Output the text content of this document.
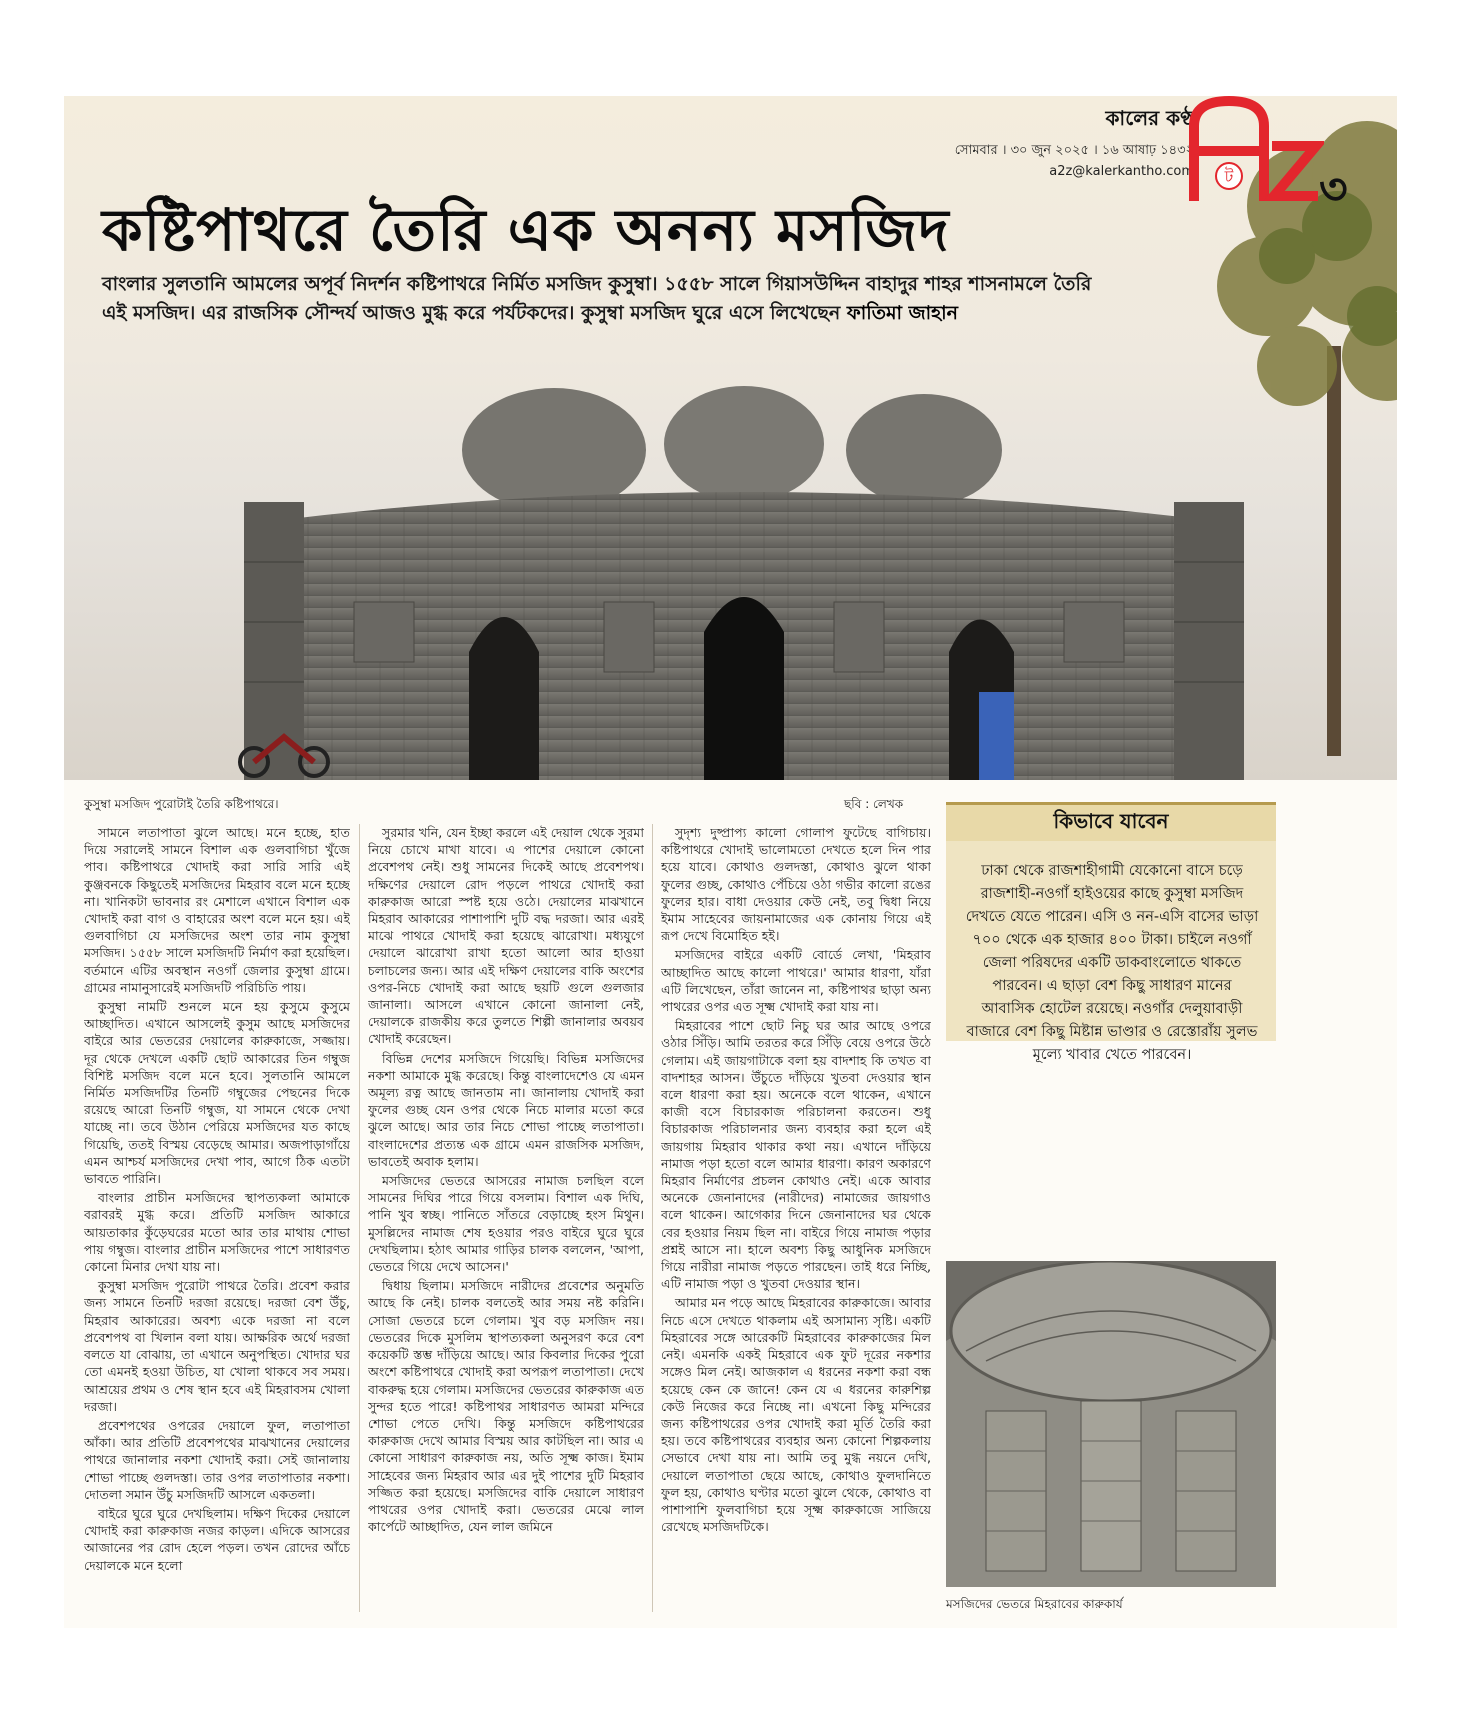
কালের কণ্ঠ
সোমবার । ৩০ জুন ২০২৫ । ১৬ আষাঢ় ১৪৩২
a2z@kalerkantho.com ট ৩
কষ্টিপাথরে তৈরি এক অনন্য মসজিদ
বাংলার সুলতানি আমলের অপূর্ব নিদর্শন কষ্টিপাথরে নির্মিত মসজিদ কুসুম্বা। ১৫৫৮ সালে গিয়াসউদ্দিন বাহাদুর শাহর শাসনামলে তৈরি এই মসজিদ। এর রাজসিক সৌন্দর্য আজও মুগ্ধ করে পর্যটকদের। কুসুম্বা মসজিদ ঘুরে এসে লিখেছেন ফাতিমা জাহান
কুসুম্বা মসজিদ পুরোটাই তৈরি কষ্টিপাথরে।	ছবি : লেখক

সামনে লতাপাতা ঝুলে আছে। মনে হচ্ছে, হাত দিয়ে সরালেই সামনে বিশাল এক গুলবাগিচা খুঁজে পাব। কষ্টিপাথরে খোদাই করা সারি সারি এই কুঞ্জবনকে কিছুতেই মসজিদের মিহরাব বলে মনে হচ্ছে না। খানিকটা ভাবনার রং মেশালে এখানে বিশাল এক খোদাই করা বাগ ও বাহারের অংশ বলে মনে হয়। এই গুলবাগিচা যে মসজিদের অংশ তার নাম কুসুম্বা মসজিদ। ১৫৫৮ সালে মসজিদটি নির্মাণ করা হয়েছিল। বর্তমানে এটির অবস্থান নওগাঁ জেলার কুসুম্বা গ্রামে। গ্রামের নামানুসারেই মসজিদটি পরিচিতি পায়।

কুসুম্বা নামটি শুনলে মনে হয় কুসুমে কুসুমে আচ্ছাদিত। এখানে আসলেই কুসুম আছে মসজিদের বাইরে আর ভেতরের দেয়ালের কারুকাজে, সজ্জায়। দূর থেকে দেখলে একটি ছোট আকারের তিন গম্বুজ বিশিষ্ট মসজিদ বলে মনে হবে। সুলতানি আমলে নির্মিত মসজিদটির তিনটি গম্বুজের পেছনের দিকে রয়েছে আরো তিনটি গম্বুজ, যা সামনে থেকে দেখা যাচ্ছে না। তবে উঠান পেরিয়ে মসজিদের যত কাছে গিয়েছি, ততই বিস্ময় বেড়েছে আমার। অজপাড়াগাঁয়ে এমন আশ্চর্য মসজিদের দেখা পাব, আগে ঠিক এতটা ভাবতে পারিনি।

বাংলার প্রাচীন মসজিদের স্থাপত্যকলা আমাকে বরাবরই মুগ্ধ করে। প্রতিটি মসজিদ আকারে আয়তাকার কুঁড়েঘরের মতো আর তার মাথায় শোভা পায় গম্বুজ। বাংলার প্রাচীন মসজিদের পাশে সাধারণত কোনো মিনার দেখা যায় না।

কুসুম্বা মসজিদ পুরোটা পাথরে তৈরি। প্রবেশ করার জন্য সামনে তিনটি দরজা রয়েছে। দরজা বেশ উঁচু, মিহরাব আকারের। অবশ্য একে দরজা না বলে প্রবেশপথ বা খিলান বলা যায়। আক্ষরিক অর্থে দরজা বলতে যা বোঝায়, তা এখানে অনুপস্থিত। খোদার ঘর তো এমনই হওয়া উচিত, যা খোলা থাকবে সব সময়। আশ্রয়ের প্রথম ও শেষ স্থান হবে এই মিহরাবসম খোলা দরজা।

প্রবেশপথের ওপরের দেয়ালে ফুল, লতাপাতা আঁকা। আর প্রতিটি প্রবেশপথের মাঝখানের দেয়ালের পাথরে জানালার নকশা খোদাই করা। সেই জানালায় শোভা পাচ্ছে গুলদস্তা। তার ওপর লতাপাতার নকশা। দোতলা সমান উঁচু মসজিদটি আসলে একতলা।

বাইরে ঘুরে ঘুরে দেখছিলাম। দক্ষিণ দিকের দেয়ালে খোদাই করা কারুকাজ নজর কাড়ল। এদিকে আসরের আজানের পর রোদ হেলে পড়ল। তখন রোদের আঁচে দেয়ালকে মনে হলো

সুরমার খনি, যেন ইচ্ছা করলে এই দেয়াল থেকে সুরমা নিয়ে চোখে মাখা যাবে। এ পাশের দেয়ালে কোনো প্রবেশপথ নেই। শুধু সামনের দিকেই আছে প্রবেশপথ। দক্ষিণের দেয়ালে রোদ পড়লে পাথরে খোদাই করা কারুকাজ আরো স্পষ্ট হয়ে ওঠে। দেয়ালের মাঝখানে মিহরাব আকারের পাশাপাশি দুটি বদ্ধ দরজা। আর এরই মাঝে পাথরে খোদাই করা হয়েছে ঝারোখা। মধ্যযুগে দেয়ালে ঝারোখা রাখা হতো আলো আর হাওয়া চলাচলের জন্য। আর এই দক্ষিণ দেয়ালের বাকি অংশের ওপর-নিচে খোদাই করা আছে ছয়টি গুলে গুলজার জানালা। আসলে এখানে কোনো জানালা নেই, দেয়ালকে রাজকীয় করে তুলতে শিল্পী জানালার অবয়ব খোদাই করেছেন।

বিভিন্ন দেশের মসজিদে গিয়েছি। বিভিন্ন মসজিদের নকশা আমাকে মুগ্ধ করেছে। কিন্তু বাংলাদেশেও যে এমন অমূল্য রত্ন আছে জানতাম না। জানালায় খোদাই করা ফুলের গুচ্ছ যেন ওপর থেকে নিচে মালার মতো করে ঝুলে আছে। আর তার নিচে শোভা পাচ্ছে লতাপাতা। বাংলাদেশের প্রত্যন্ত এক গ্রামে এমন রাজসিক মসজিদ, ভাবতেই অবাক হলাম।

মসজিদের ভেতরে আসরের নামাজ চলছিল বলে সামনের দিঘির পারে গিয়ে বসলাম। বিশাল এক দিঘি, পানি খুব স্বচ্ছ। পানিতে সাঁতরে বেড়াচ্ছে হংস মিথুন। মুসল্লিদের নামাজ শেষ হওয়ার পরও বাইরে ঘুরে ঘুরে দেখছিলাম। হঠাৎ আমার গাড়ির চালক বললেন, 'আপা, ভেতরে গিয়ে দেখে আসেন।'

দ্বিধায় ছিলাম। মসজিদে নারীদের প্রবেশের অনুমতি আছে কি নেই। চালক বলতেই আর সময় নষ্ট করিনি। সোজা ভেতরে চলে গেলাম। খুব বড় মসজিদ নয়। ভেতরের দিকে মুসলিম স্থাপত্যকলা অনুসরণ করে বেশ কয়েকটি স্তম্ভ দাঁড়িয়ে আছে। আর কিবলার দিকের পুরো অংশে কষ্টিপাথরে খোদাই করা অপরূপ লতাপাতা। দেখে বাকরুদ্ধ হয়ে গেলাম। মসজিদের ভেতরের কারুকাজ এত সুন্দর হতে পারে! কষ্টিপাথর সাধারণত আমরা মন্দিরে শোভা পেতে দেখি। কিন্তু মসজিদে কষ্টিপাথরের কারুকাজ দেখে আমার বিস্ময় আর কাটছিল না। আর এ কোনো সাধারণ কারুকাজ নয়, অতি সূক্ষ্ম কাজ। ইমাম সাহেবের জন্য মিহরাব আর এর দুই পাশের দুটি মিহরাব সজ্জিত করা হয়েছে। মসজিদের বাকি দেয়ালে সাধারণ পাথরের ওপর খোদাই করা। ভেতরের মেঝে লাল কার্পেটে আচ্ছাদিত, যেন লাল জমিনে

সুদৃশ্য দুষ্প্রাপ্য কালো গোলাপ ফুটেছে বাগিচায়। কষ্টিপাথরে খোদাই ভালোমতো দেখতে হলে দিন পার হয়ে যাবে। কোথাও গুলদস্তা, কোথাও ঝুলে থাকা ফুলের গুচ্ছ, কোথাও পেঁচিয়ে ওঠা গভীর কালো রঙের ফুলের হার। বাধা দেওয়ার কেউ নেই, তবু দ্বিধা নিয়ে ইমাম সাহেবের জায়নামাজের এক কোনায় গিয়ে এই রূপ দেখে বিমোহিত হই।

মসজিদের বাইরে একটি বোর্ডে লেখা, 'মিহরাব আচ্ছাদিত আছে কালো পাথরে।' আমার ধারণা, যাঁরা এটি লিখেছেন, তাঁরা জানেন না, কষ্টিপাথর ছাড়া অন্য পাথরের ওপর এত সূক্ষ্ম খোদাই করা যায় না।

মিহরাবের পাশে ছোট নিচু ঘর আর আছে ওপরে ওঠার সিঁড়ি। আমি তরতর করে সিঁড়ি বেয়ে ওপরে উঠে গেলাম। এই জায়গাটাকে বলা হয় বাদশাহ কি তখত বা বাদশাহর আসন। উঁচুতে দাঁড়িয়ে খুতবা দেওয়ার স্থান বলে ধারণা করা হয়। অনেকে বলে থাকেন, এখানে কাজী বসে বিচারকাজ পরিচালনা করতেন। শুধু বিচারকাজ পরিচালনার জন্য ব্যবহার করা হলে এই জায়গায় মিহরাব থাকার কথা নয়। এখানে দাঁড়িয়ে নামাজ পড়া হতো বলে আমার ধারণা। কারণ অকারণে মিহরাব নির্মাণের প্রচলন কোথাও নেই। একে আবার অনেকে জেনানাদের (নারীদের) নামাজের জায়গাও বলে থাকেন। আগেকার দিনে জেনানাদের ঘর থেকে বের হওয়ার নিয়ম ছিল না। বাইরে গিয়ে নামাজ পড়ার প্রশ্নই আসে না। হালে অবশ্য কিছু আধুনিক মসজিদে গিয়ে নারীরা নামাজ পড়তে পারছেন। তাই ধরে নিচ্ছি, এটি নামাজ পড়া ও খুতবা দেওয়ার স্থান।

আমার মন পড়ে আছে মিহরাবের কারুকাজে। আবার নিচে এসে দেখতে থাকলাম এই অসামান্য সৃষ্টি। একটি মিহরাবের সঙ্গে আরেকটি মিহরাবের কারুকাজের মিল নেই। এমনকি একই মিহরাবে এক ফুট দূরের নকশার সঙ্গেও মিল নেই। আজকাল এ ধরনের নকশা করা বন্ধ হয়েছে কেন কে জানে! কেন যে এ ধরনের কারুশিল্প কেউ নিজের করে নিচ্ছে না। এখনো কিছু মন্দিরের জন্য কষ্টিপাথরের ওপর খোদাই করা মূর্তি তৈরি করা হয়। তবে কষ্টিপাথরের ব্যবহার অন্য কোনো শিল্পকলায় সেভাবে দেখা যায় না। আমি তবু মুগ্ধ নয়নে দেখি, দেয়ালে লতাপাতা ছেয়ে আছে, কোথাও ফুলদানিতে ফুল হয়, কোথাও ঘণ্টার মতো ঝুলে থেকে, কোথাও বা পাশাপাশি ফুলবাগিচা হয়ে সূক্ষ্ম কারুকাজে সাজিয়ে রেখেছে মসজিদটিকে।

কিভাবে যাবেন
ঢাকা থেকে রাজশাহীগামী যেকোনো বাসে চড়ে রাজশাহী-নওগাঁ হাইওয়ের কাছে কুসুম্বা মসজিদ দেখতে যেতে পারেন। এসি ও নন-এসি বাসের ভাড়া ৭০০ থেকে এক হাজার ৪০০ টাকা। চাইলে নওগাঁ জেলা পরিষদের একটি ডাকবাংলোতে থাকতে পারবেন। এ ছাড়া বেশ কিছু সাধারণ মানের আবাসিক হোটেল রয়েছে। নওগাঁর দেলুয়াবাড়ী বাজারে বেশ কিছু মিষ্টান্ন ভাণ্ডার ও রেস্তোরাঁয় সুলভ মূল্যে খাবার খেতে পারবেন।
মসজিদের ভেতরে মিহরাবের কারুকার্য
